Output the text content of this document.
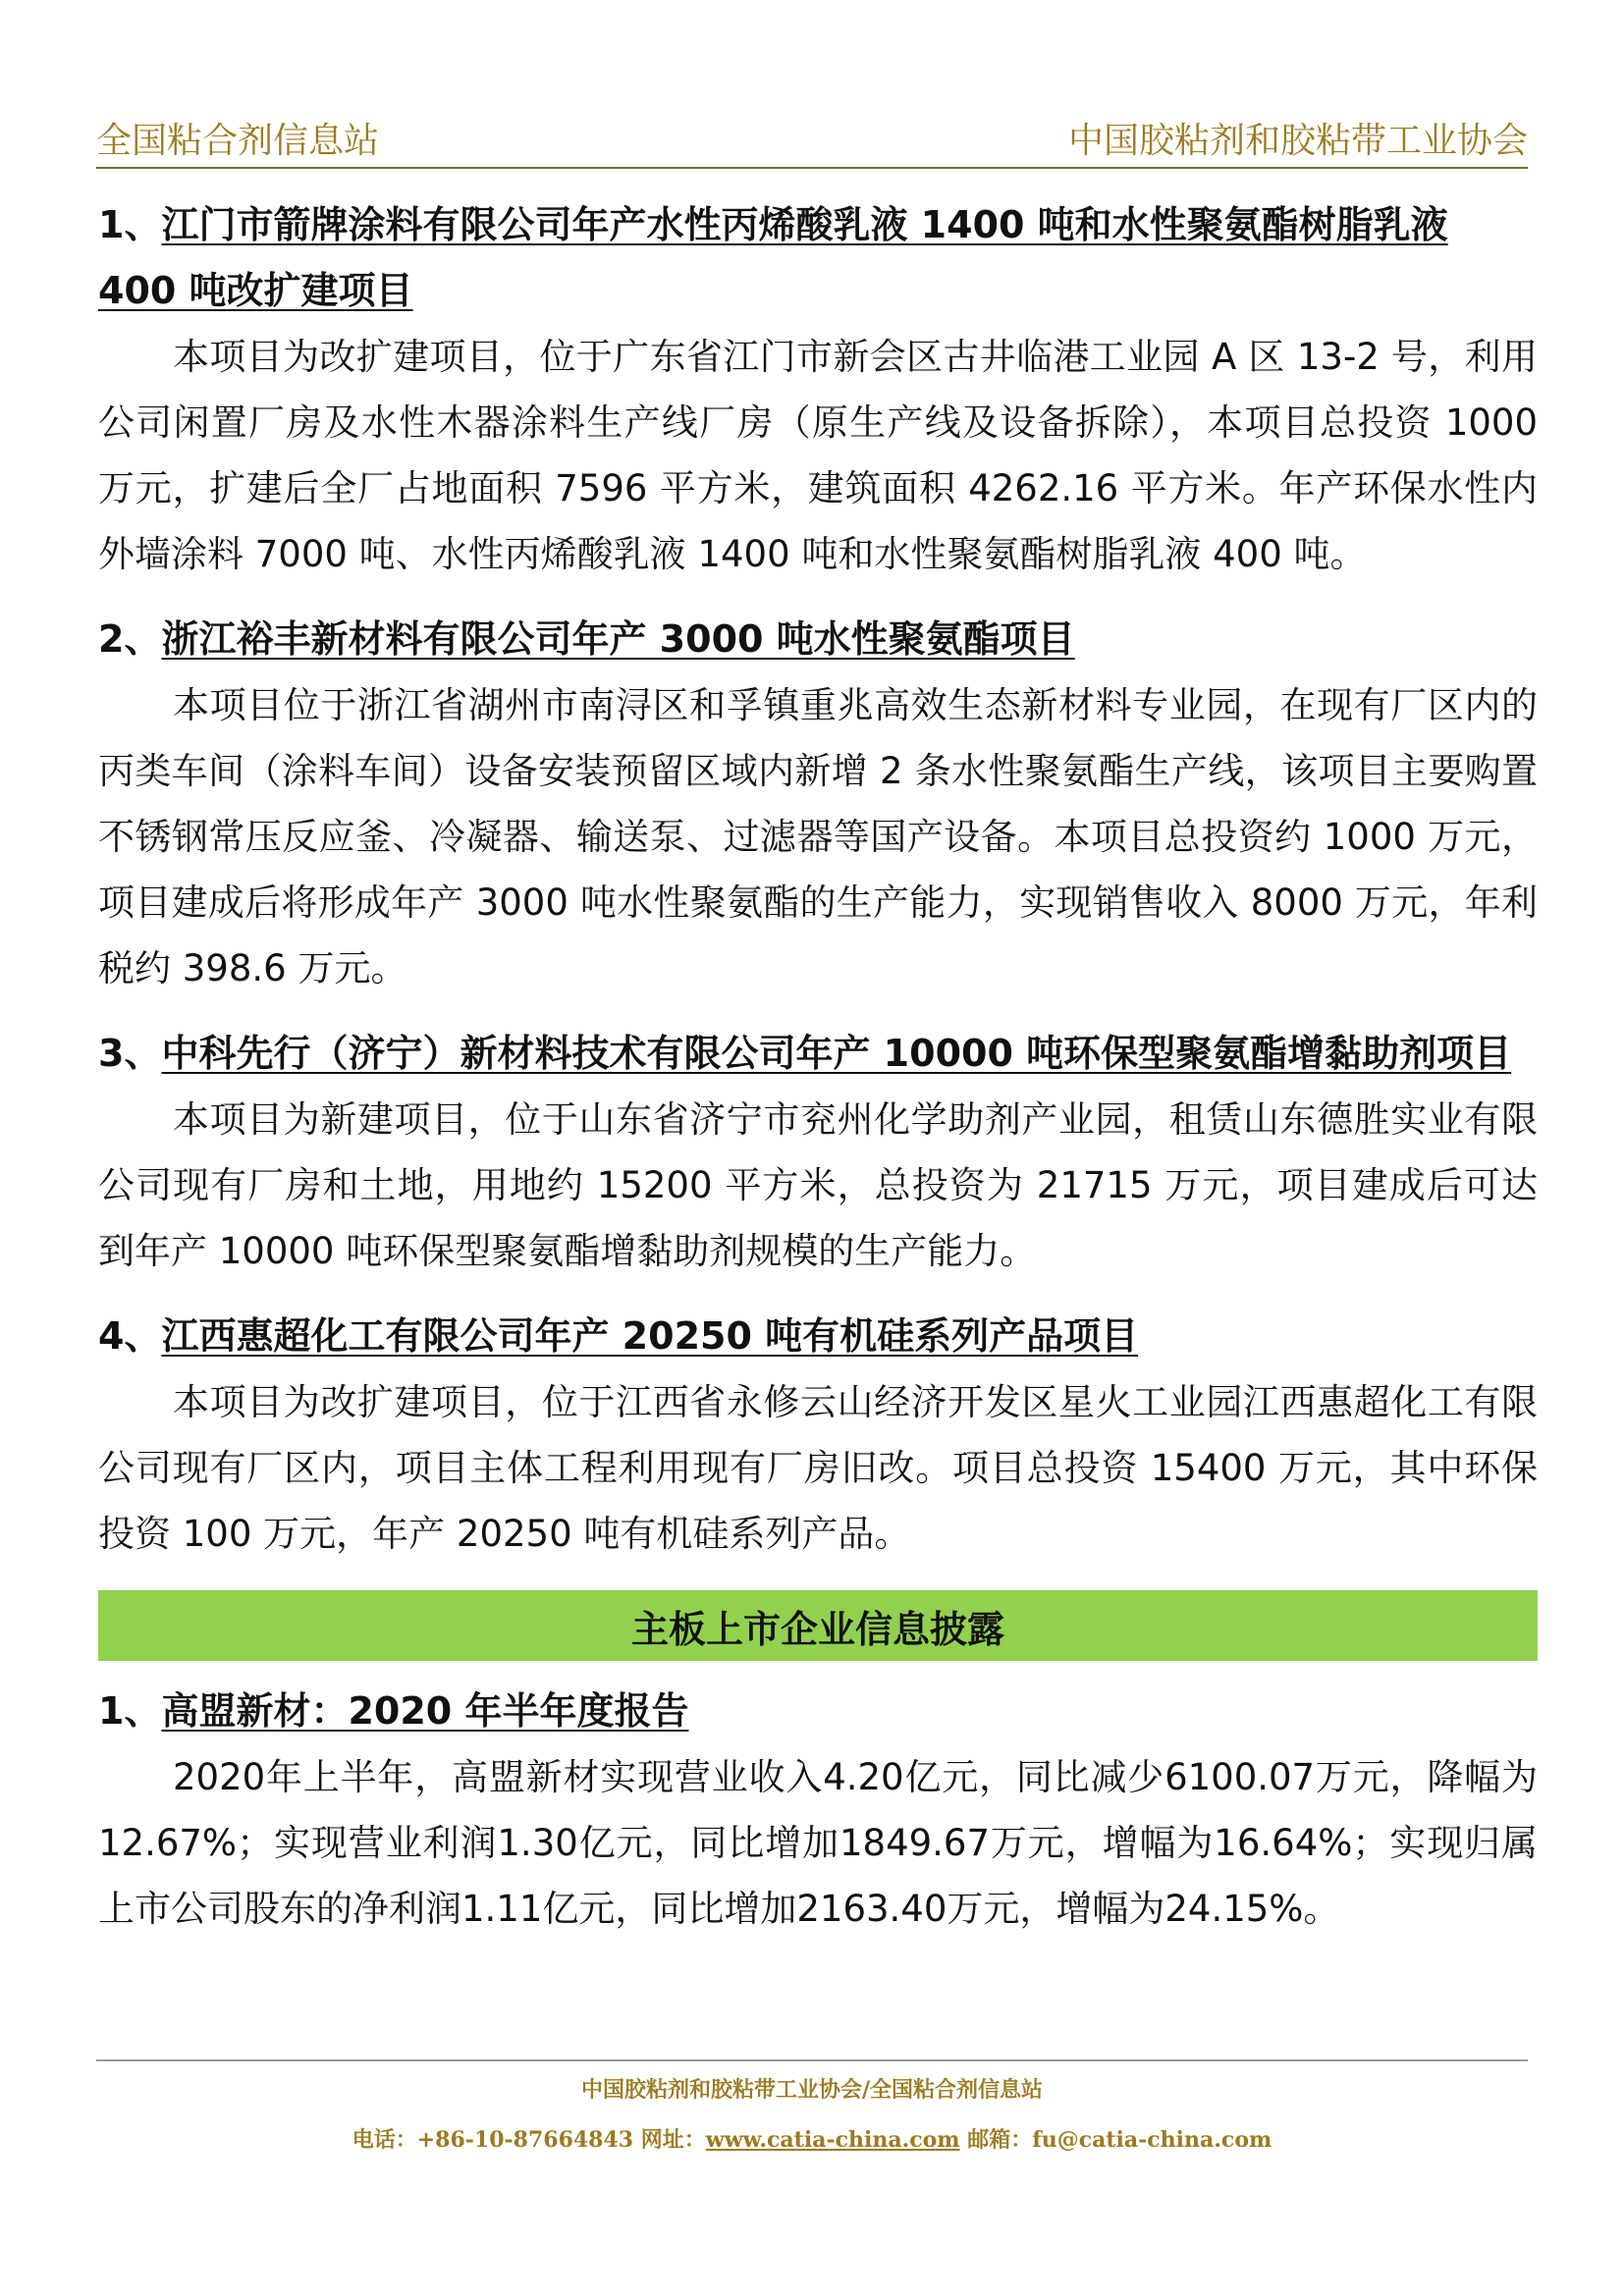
全国粘合剂信息站	中国胶粘剂和胶粘带工业协会
1、江门市箭牌涂料有限公司年产水性丙烯酸乳液 1400 吨和水性聚氨酯树脂乳液 400 吨改扩建项目

本项目为改扩建项目，位于广东省江门市新会区古井临港工业园 A 区 13-2 号，利用公司闲置厂房及水性木器涂料生产线厂房（原生产线及设备拆除），本项目总投资 1000 万元，扩建后全厂占地面积 7596 平方米，建筑面积 4262.16 平方米。年产环保水性内外墙涂料 7000 吨、水性丙烯酸乳液 1400 吨和水性聚氨酯树脂乳液 400 吨。

2、浙江裕丰新材料有限公司年产 3000 吨水性聚氨酯项目

本项目位于浙江省湖州市南浔区和孚镇重兆高效生态新材料专业园，在现有厂区内的丙类车间（涂料车间）设备安装预留区域内新增 2 条水性聚氨酯生产线，该项目主要购置不锈钢常压反应釜、冷凝器、输送泵、过滤器等国产设备。本项目总投资约 1000 万元，项目建成后将形成年产 3000 吨水性聚氨酯的生产能力，实现销售收入 8000 万元，年利税约 398.6 万元。

3、中科先行（济宁）新材料技术有限公司年产 10000 吨环保型聚氨酯增黏助剂项目

本项目为新建项目，位于山东省济宁市兖州化学助剂产业园，租赁山东德胜实业有限公司现有厂房和土地，用地约 15200 平方米，总投资为 21715 万元，项目建成后可达到年产 10000 吨环保型聚氨酯增黏助剂规模的生产能力。

4、江西惠超化工有限公司年产 20250 吨有机硅系列产品项目

本项目为改扩建项目，位于江西省永修云山经济开发区星火工业园江西惠超化工有限公司现有厂区内，项目主体工程利用现有厂房旧改。项目总投资 15400 万元，其中环保投资 100 万元，年产 20250 吨有机硅系列产品。

主板上市企业信息披露
1、高盟新材：2020 年半年度报告

2020年上半年，高盟新材实现营业收入4.20亿元，同比减少6100.07万元，降幅为12.67%；实现营业利润1.30亿元，同比增加1849.67万元，增幅为16.64%；实现归属上市公司股东的净利润1.11亿元，同比增加2163.40万元，增幅为24.15%。

中国胶粘剂和胶粘带工业协会/全国粘合剂信息站
电话：+86-10-87664843 网址：www.catia-china.com 邮箱：fu@catia-china.com
